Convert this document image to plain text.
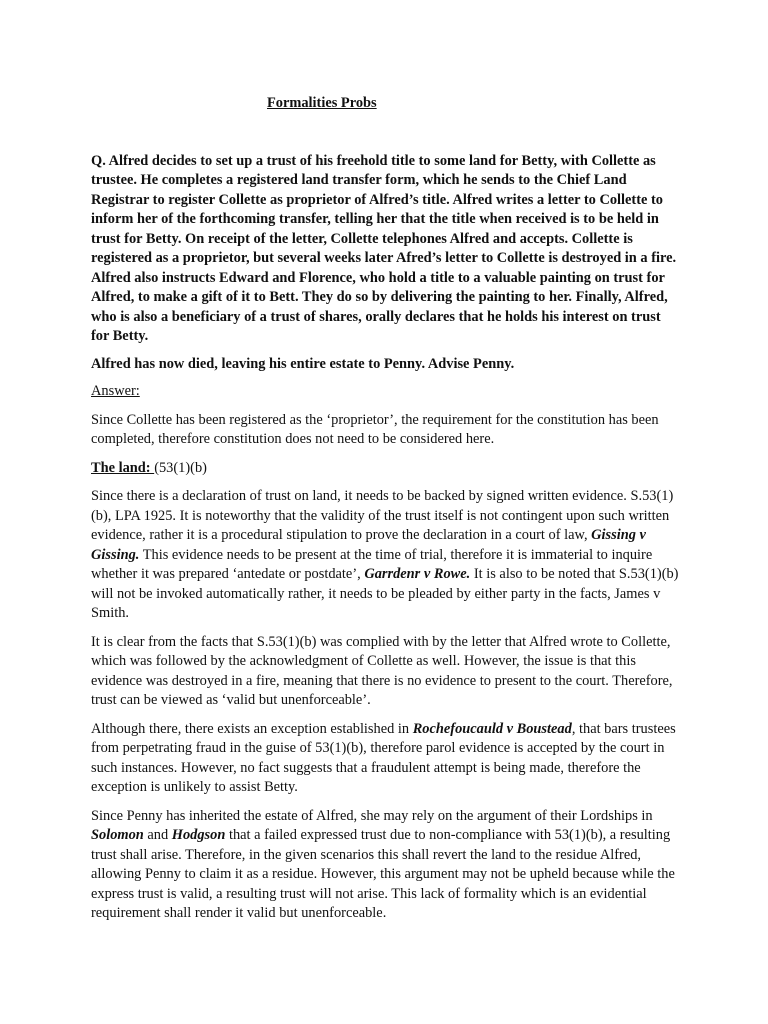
Formalities Probs

Q. Alfred decides to set up a trust of his freehold title to some land for Betty, with Collette as trustee. He completes a registered land transfer form, which he sends to the Chief Land Registrar to register Collette as proprietor of Alfred’s title. Alfred writes a letter to Collette to inform her of the forthcoming transfer, telling her that the title when received is to be held in trust for Betty. On receipt of the letter, Collette telephones Alfred and accepts. Collette is registered as a proprietor, but several weeks later Afred’s letter to Collette is destroyed in a fire. Alfred also instructs Edward and Florence, who hold a title to a valuable painting on trust for Alfred, to make a gift of it to Bett. They do so by delivering the painting to her. Finally, Alfred, who is also a beneficiary of a trust of shares, orally declares that he holds his interest on trust for Betty.

Alfred has now died, leaving his entire estate to Penny. Advise Penny.

Answer:

Since Collette has been registered as the ‘proprietor’, the requirement for the constitution has been completed, therefore constitution does not need to be considered here.

The land: (53(1)(b)

Since there is a declaration of trust on land, it needs to be backed by signed written evidence. S.53(1)(b), LPA 1925. It is noteworthy that the validity of the trust itself is not contingent upon such written evidence, rather it is a procedural stipulation to prove the declaration in a court of law, Gissing v Gissing. This evidence needs to be present at the time of trial, therefore it is immaterial to inquire whether it was prepared ‘antedate or postdate’, Garrdenr v Rowe. It is also to be noted that S.53(1)(b) will not be invoked automatically rather, it needs to be pleaded by either party in the facts, James v Smith.

It is clear from the facts that S.53(1)(b) was complied with by the letter that Alfred wrote to Collette, which was followed by the acknowledgment of Collette as well. However, the issue is that this evidence was destroyed in a fire, meaning that there is no evidence to present to the court. Therefore, trust can be viewed as ‘valid but unenforceable’.

Although there, there exists an exception established in Rochefoucauld v Boustead, that bars trustees from perpetrating fraud in the guise of 53(1)(b), therefore parol evidence is accepted by the court in such instances. However, no fact suggests that a fraudulent attempt is being made, therefore the exception is unlikely to assist Betty.

Since Penny has inherited the estate of Alfred, she may rely on the argument of their Lordships in Solomon and Hodgson that a failed expressed trust due to non-compliance with 53(1)(b), a resulting trust shall arise. Therefore, in the given scenarios this shall revert the land to the residue Alfred, allowing Penny to claim it as a residue. However, this argument may not be upheld because while the express trust is valid, a resulting trust will not arise. This lack of formality which is an evidential requirement shall render it valid but unenforceable.
